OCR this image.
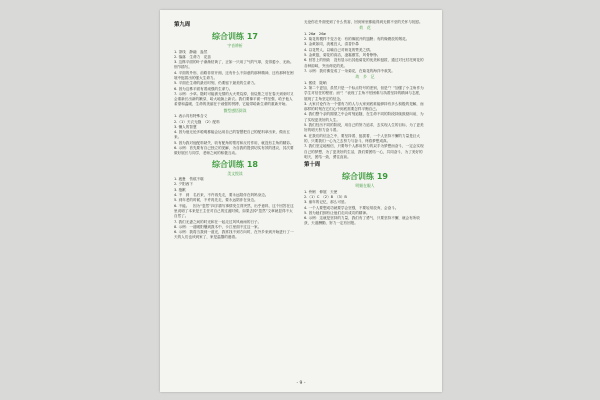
第九周
综合训练 17
字音辨析
1. 茶线　静融　盎然
2. 落落　生命力　花蕊
3. 这株平面的叶子渐渐枯黄了，正如一只用了气的气球，变得萎小、无助。　细节描写。
4. 平面的外形，前路非常开朗，还有什么不如意的那种精神，还有那种在困境中挺拔出的强大生命力。
5. 平面在生命的最后时刻，仍要留下最美的生命力。
6. 因为这株平面有着顽强的生命力。
7. 示例：小草。随时可能被无情的大火焚烧掉，但烧焦之后在春天到来时又会重新长出新的嫩芽，给大地换上新衣。我们要像平面一样坚强，给予他人希望和温暖，生命的美丽在于顽强的拼搏，它能带给新生命的重新开始。
微型感悟阅读
1. 表示具有特殊含义
2.（1）天衣无缝　（2）配料
3. 懒人的智慧
4. 因为他无论多聪明都能会运用自己的智慧把自己的配料拿出来，做出五来。
5. 因为我对他配料缺失，收有配角的帮衬和反衬作用，就没有主角的精彩。
6. 示例：首先要有自己独立的见解，为自我的提供切实有效的建议，其次要做好展长与同学，老师之间的积极互动。
综合训练 18
美文悦读
1. 疲惫　伤痕不堪
2. 夕阳西下
3. 抱歉
4. 不　到　名后来，不许再先走，要永远陪伴在妈妈身边。
5. 到年老的时候，不许再先走，要永远陪伴在身边。
6. 不能。　因为“忽然”四字描写事情发生得突然，出乎意料，这个回答在这里说明了本来是王主任对自己的过渡时候，如果去掉“忽然”文章就显得不太自然了。
7. 我们无妻之间的时光和在一起走过风风雨雨的日子。
8. 示例：一道暖阳镶到我木中，卡江里面不过这一家。
6. 示例：我将当我到一道光，我常找不到方向时，在外乡来到开始进行了一天的人们也该到家了，家是温馨的港湾。
无论你在外面受到了什么伤害，回到家里都能得到无微不至的关怀与抚慰。
荷　花
1. 26ø　26ø
2. 菊花的模样千变万化：有的像展开的翅膀；有的像燃放的烟花。
3. 金黄如同，淡雅宜人，清香扑鼻
4. 以花赞人，以喻自己对荷花的赞美之情。
5. 金黄翅，菊花的高洁，凌霜傲雪，风骨铮铮。
6. 回答上的细致　没有显示出其他菊花的优美和挺拔，通过对比衬托荷花的各种韵味，突出荷花的美。
7. 示例：我仿佛变成了一朵菊花，在菊花的海洋中欢笑。
故　乡　记
1. 萦绕　陡峭
2. 第二个更加，虽然只是一个标点符号的差别，但是“？”加强了小主角作为学生对信任的程度；而“！”表现了主角不怕困难与执着坚持的精神与态度，展现了主角坚定的信念。
3. 大家讨论作为一个强有力的人与大家到底谁能够持有多么积极的见解，而那样的时刻在它们心中到底需要怎样平衡自己。
4. 我们整个亲的期望之中会时刻追随，在生命不同的阶段持续鼓励向前，为了实现更美好的人生。
5. 我们经历不同的阶段，用自己的努力追求，去实现人生的目标，为了更美好的明天努力奋斗着。
6. 在我们的信念之中，要坚持着、挺拔着、一个人坚持不懈的力量是巨大的，只要我们一心为之去努力与奋斗，终将梦想成真。
7. 我们坚定地相信，只要每个人都用努力的双手为梦想而奋斗，一定会实现自己的梦想，为了更美好的生活，我们要团结一心，共同奋斗，为了美好的明天，团结一致，勇往直前。
第十周
综合训练 19
明媚在眼人
1. 伶俐　伸展　天使
2.（1）C　（2）B　（3）B
3. 童年的记忆，那么可爱。
4. 一个人要想成功就要学会坚强，不要轻易放弃，会奋斗。
5. 因为她们拥有让他们走向成功的精神。
6. 示例：这就是坚持的力量，我们有了勇气，只要坚持不懈，就会有所收获，天道酬勤，努力一定有回报。
- 9 -
